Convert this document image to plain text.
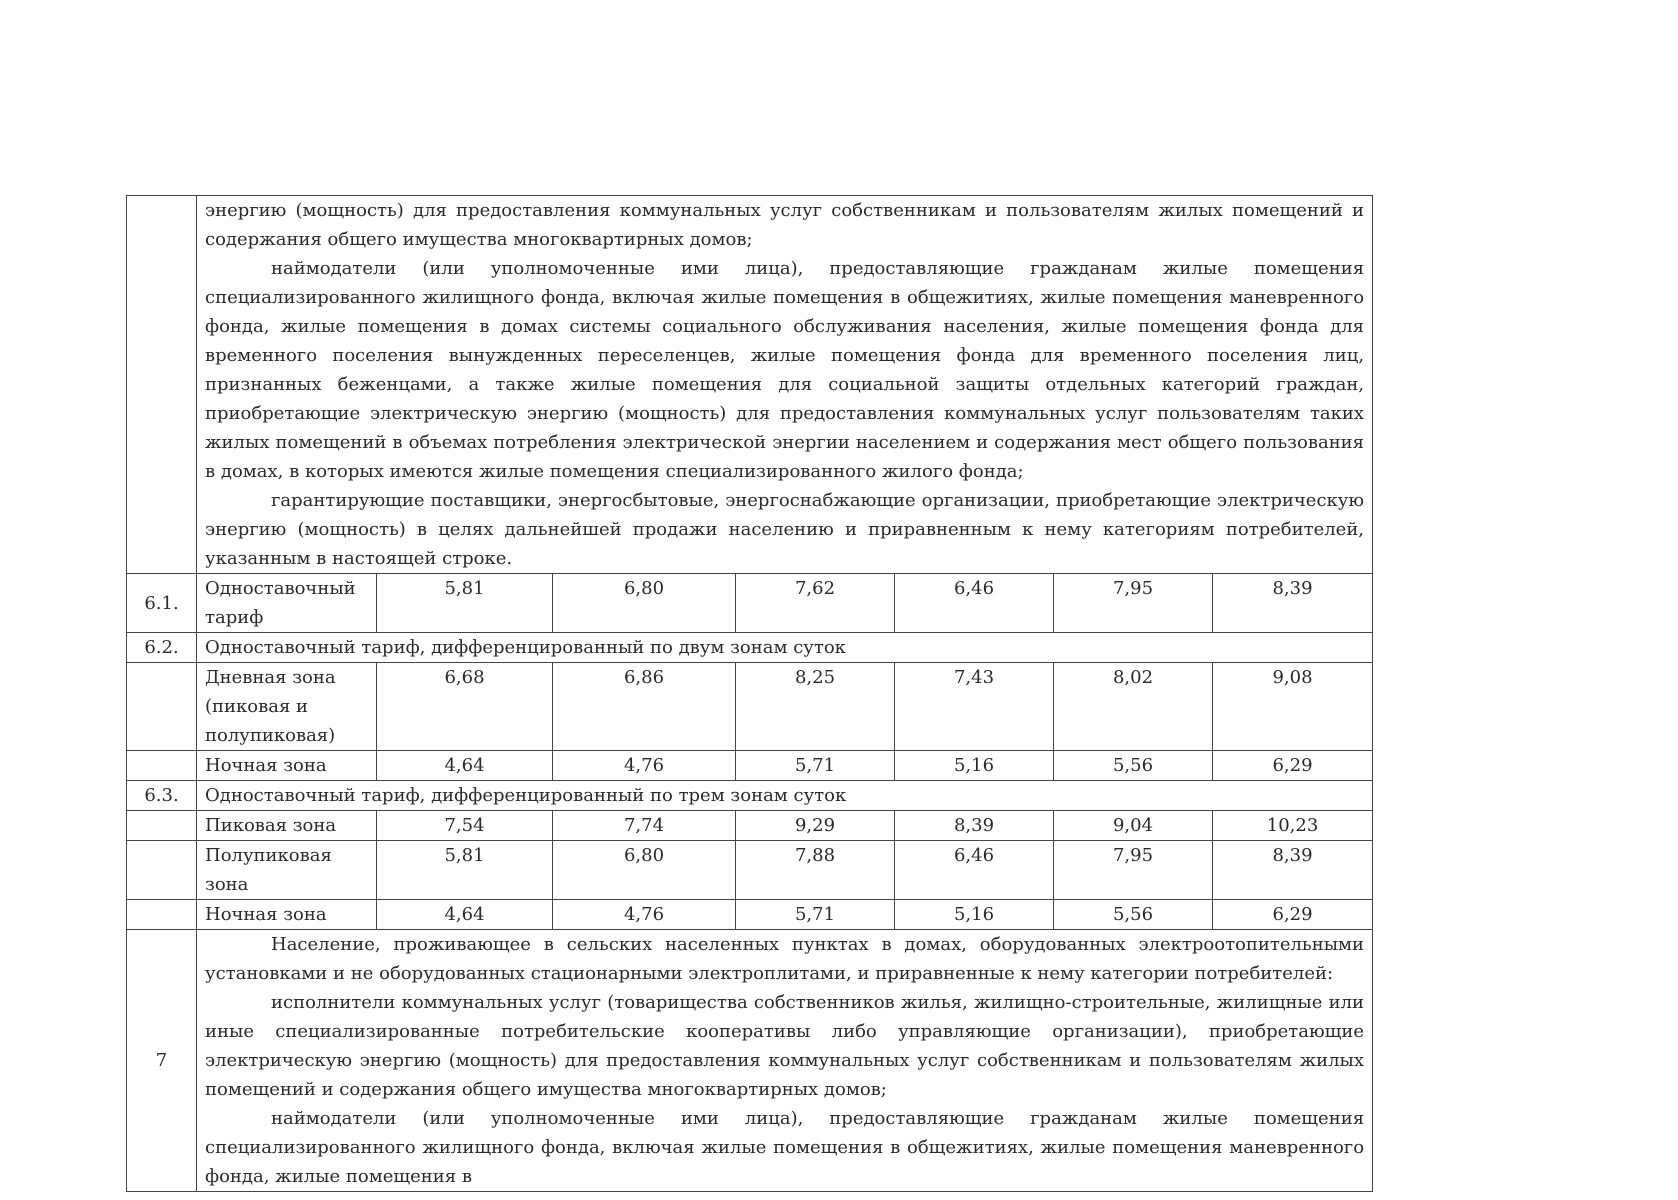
	энергию (мощность) для предоставления коммунальных услуг собственникам и пользователям жилых помещений и содержания общего имущества многоквартирных домов;

наймодатели (или уполномоченные ими лица), предоставляющие гражданам жилые помещения специализированного жилищного фонда, включая жилые помещения в общежитиях, жилые помещения маневренного фонда, жилые помещения в домах системы социального обслуживания населения, жилые помещения фонда для временного поселения вынужденных переселенцев, жилые помещения фонда для временного поселения лиц, признанных беженцами, а также жилые помещения для социальной защиты отдельных категорий граждан, приобретающие электрическую энергию (мощность) для предоставления коммунальных услуг пользователям таких жилых помещений в объемах потребления электрической энергии населением и содержания мест общего пользования в домах, в которых имеются жилые помещения специализированного жилого фонда;

гарантирующие поставщики, энергосбытовые, энергоснабжающие организации, приобретающие электрическую энергию (мощность) в целях дальнейшей продажи населению и приравненным к нему категориям потребителей, указанным в настоящей строке.						

6.1.	Одноставочный тариф	5,81	6,80	7,62	6,46	7,95	8,39
6.2.	Одноставочный тариф, дифференцированный по двум зонам суток						
	Дневная зона (пиковая и полупиковая)	6,68	6,86	8,25	7,43	8,02	9,08
	Ночная зона	4,64	4,76	5,71	5,16	5,56	6,29
6.3.	Одноставочный тариф, дифференцированный по трем зонам суток						
	Пиковая зона	7,54	7,74	9,29	8,39	9,04	10,23
	Полупиковая зона	5,81	6,80	7,88	6,46	7,95	8,39
	Ночная зона	4,64	4,76	5,71	5,16	5,56	6,29
7	Население, проживающее в сельских населенных пунктах в домах, оборудованных электроотопительными установками и не оборудованных стационарными электроплитами, и приравненные к нему категории потребителей:

исполнители коммунальных услуг (товарищества собственников жилья, жилищно-строительные, жилищные или иные специализированные потребительские кооперативы либо управляющие организации), приобретающие электрическую энергию (мощность) для предоставления коммунальных услуг собственникам и пользователям жилых помещений и содержания общего имущества многоквартирных домов;

наймодатели (или уполномоченные ими лица), предоставляющие гражданам жилые помещения специализированного жилищного фонда, включая жилые помещения в общежитиях, жилые помещения маневренного фонда, жилые помещения в						
